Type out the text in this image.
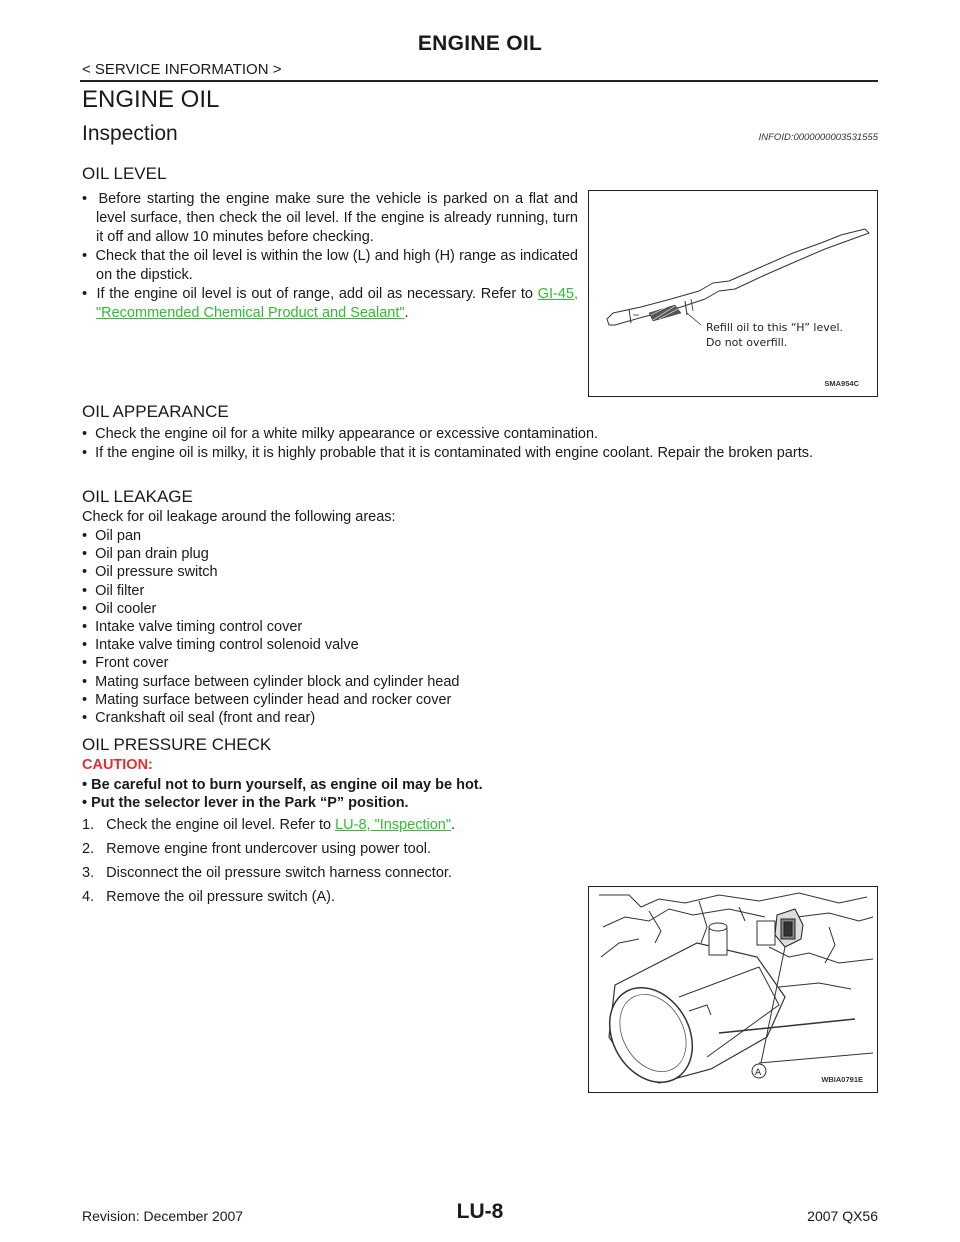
ENGINE OIL
< SERVICE INFORMATION >
ENGINE OIL
Inspection	INFOID:0000000003531555
OIL LEVEL

•  Before starting the engine make sure the vehicle is parked on a flat and level surface, then check the oil level. If the engine is already running, turn it off and allow 10 minutes before checking.

•  Check that the oil level is within the low (L) and high (H) range as indicated on the dipstick.

•  If the engine oil level is out of range, add oil as necessary. Refer to GI-45, "Recommended Chemical Product and Sealant".

Refill oil to this “H” level.
Do not overfill.
SMA954C
OIL APPEARANCE

•  Check the engine oil for a white milky appearance or excessive contamination.

•  If the engine oil is milky, it is highly probable that it is contaminated with engine coolant. Repair the broken parts.

OIL LEAKAGE
Check for oil leakage around the following areas:

•  Oil pan

•  Oil pan drain plug

•  Oil pressure switch

•  Oil filter

•  Oil cooler

•  Intake valve timing control cover

•  Intake valve timing control solenoid valve

•  Front cover

•  Mating surface between cylinder block and cylinder head

•  Mating surface between cylinder head and rocker cover

•  Crankshaft oil seal (front and rear)

OIL PRESSURE CHECK
CAUTION:

• Be careful not to burn yourself, as engine oil may be hot.

• Put the selector lever in the Park “P” position.

1.   Check the engine oil level. Refer to LU-8, "Inspection".
2.   Remove engine front undercover using power tool.
3.   Disconnect the oil pressure switch harness connector.
4.   Remove the oil pressure switch (A).
A
WBIA0791E
Revision: December 2007	LU-8	2007 QX56
